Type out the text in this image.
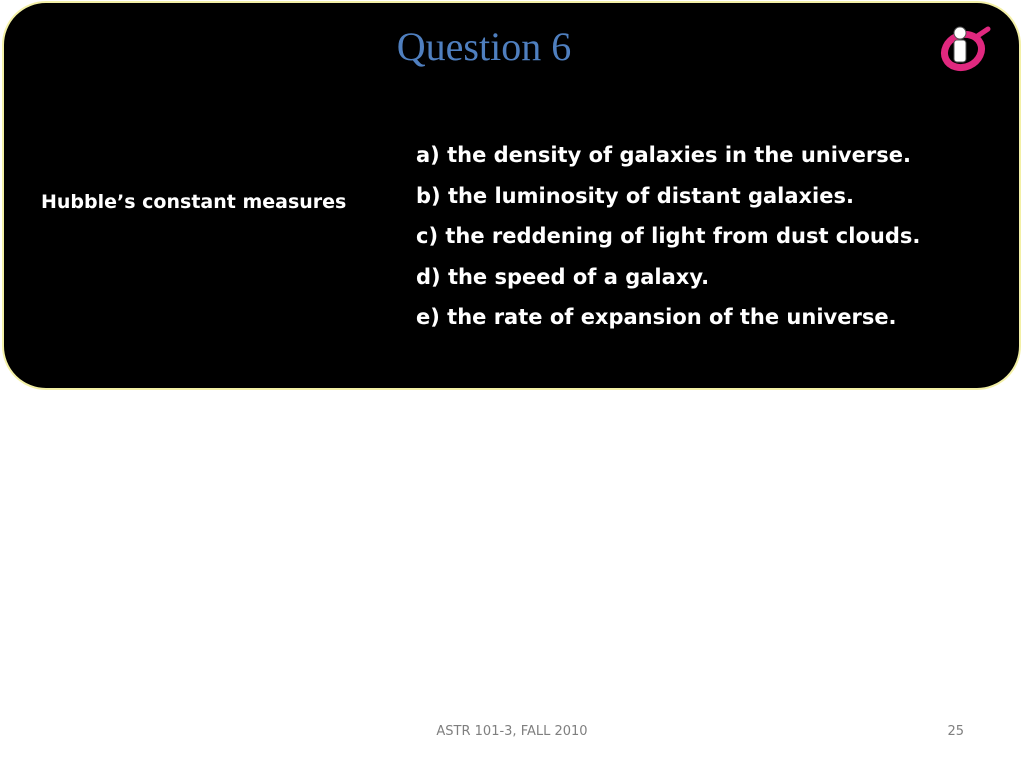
Question 6
Hubble’s constant measures
a) the density of galaxies in the universe.
b) the luminosity of distant galaxies.
c) the reddening of light from dust clouds.
d) the speed of a galaxy.
e) the rate of expansion of the universe.
ASTR 101-3, FALL 2010	25
